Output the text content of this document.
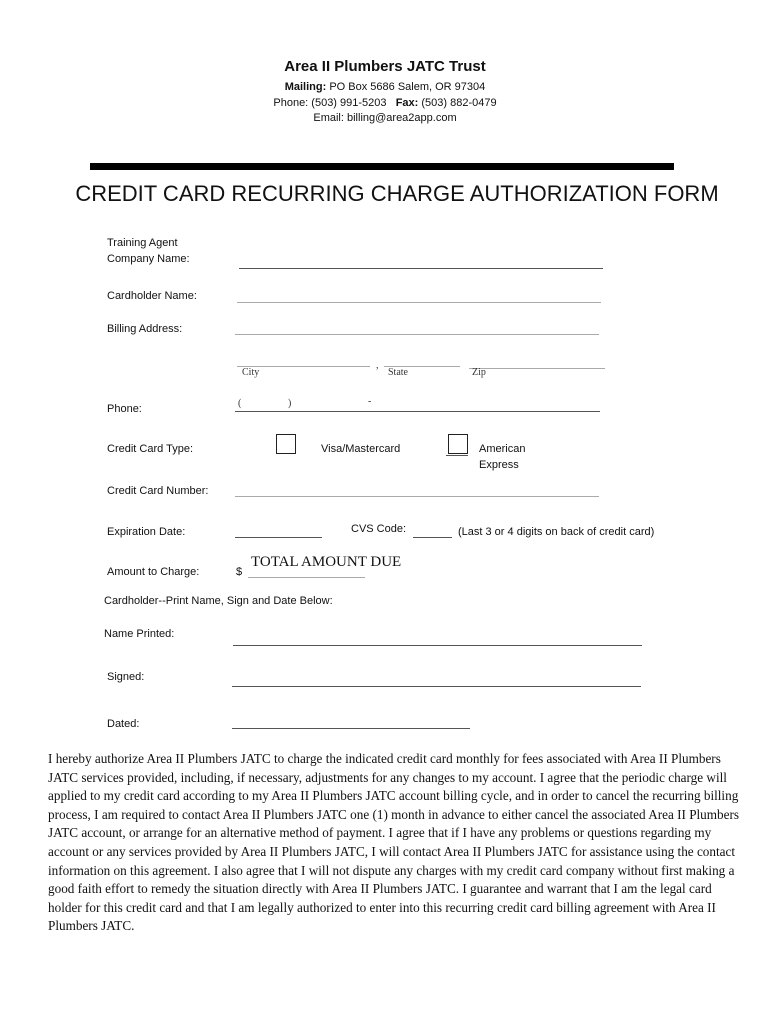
Area II Plumbers JATC Trust
Mailing: PO Box 5686 Salem, OR 97304
Phone: (503) 991-5203 Fax: (503) 882-0479
Email: billing@area2app.com
CREDIT CARD RECURRING CHARGE AUTHORIZATION FORM
Training Agent
Company Name:
Cardholder Name:
Billing Address:
,
City	State	Zip
Phone:	(	)	-
Credit Card Type:	Visa/Mastercard	American
Express
Credit Card Number:
Expiration Date:	CVS Code:	(Last 3 or 4 digits on back of credit card)
Amount to Charge:	$
TOTAL AMOUNT DUE
Cardholder--Print Name, Sign and Date Below:
Name Printed:
Signed:
Dated:
I hereby authorize Area II Plumbers JATC to charge the indicated credit card monthly for fees associated with Area II Plumbers JATC services provided, including, if necessary, adjustments for any changes to my account. I agree that the periodic charge will applied to my credit card according to my Area II Plumbers JATC account billing cycle, and in order to cancel the recurring billing process, I am required to contact Area II Plumbers JATC one (1) month in advance to either cancel the associated Area II Plumbers JATC account, or arrange for an alternative method of payment. I agree that if I have any problems or questions regarding my account or any services provided by Area II Plumbers JATC, I will contact Area II Plumbers JATC for assistance using the contact information on this agreement. I also agree that I will not dispute any charges with my credit card company without first making a good faith effort to remedy the situation directly with Area II Plumbers JATC. I guarantee and warrant that I am the legal card holder for this credit card and that I am legally authorized to enter into this recurring credit card billing agreement with Area II Plumbers JATC.
